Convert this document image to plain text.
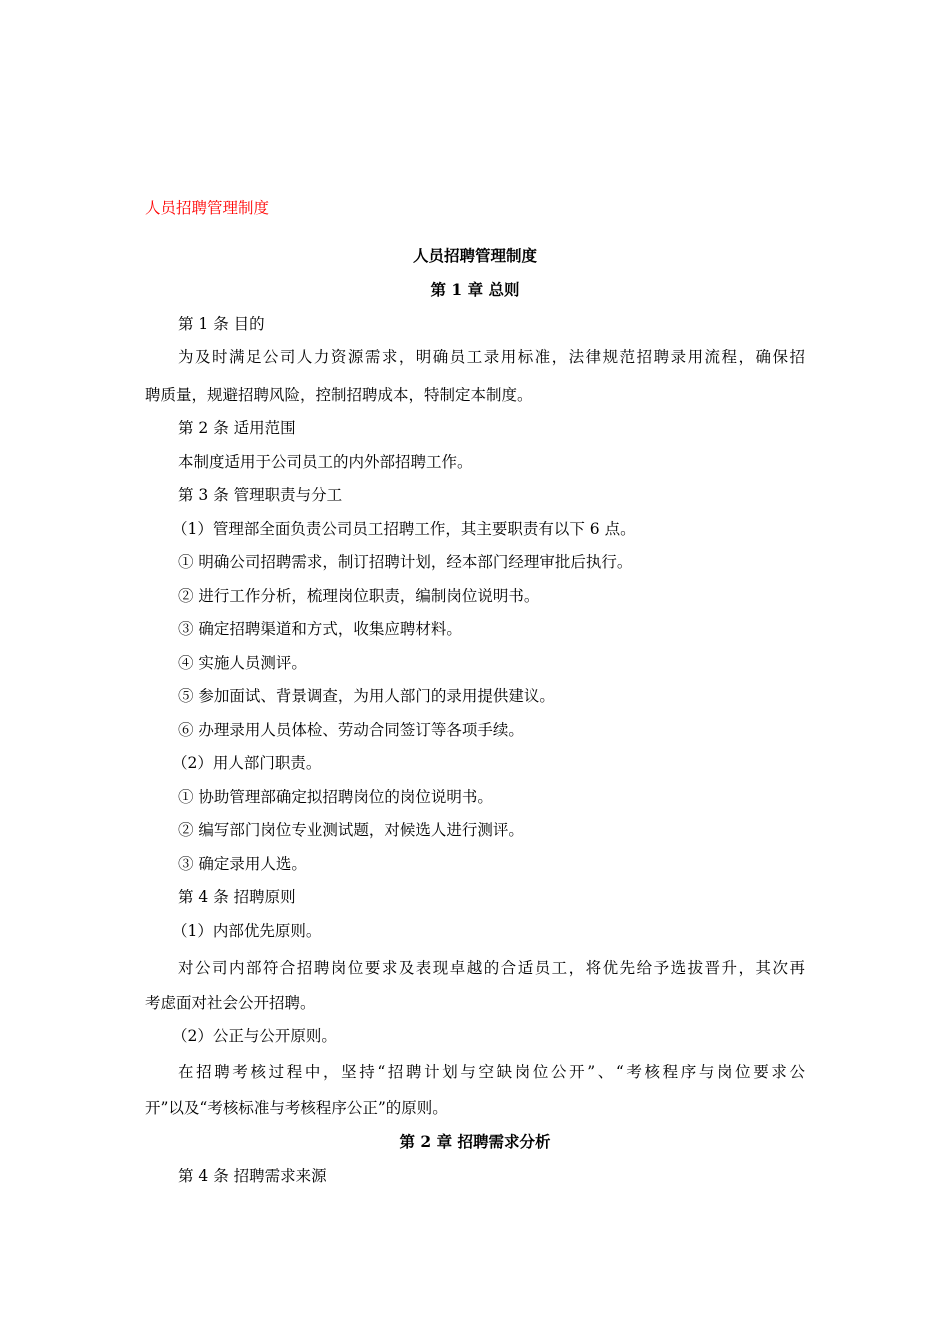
人员招聘管理制度
人员招聘管理制度
第 1 章 总则
第 1 条 目的
为及时满足公司人力资源需求，明确员工录用标准，法律规范招聘录用流程，确保招
聘质量，规避招聘风险，控制招聘成本，特制定本制度。
第 2 条 适用范围
本制度适用于公司员工的内外部招聘工作。
第 3 条 管理职责与分工
（1）管理部全面负责公司员工招聘工作，其主要职责有以下 6 点。
① 明确公司招聘需求，制订招聘计划，经本部门经理审批后执行。
② 进行工作分析，梳理岗位职责，编制岗位说明书。
③ 确定招聘渠道和方式，收集应聘材料。
④ 实施人员测评。
⑤ 参加面试、背景调查，为用人部门的录用提供建议。
⑥ 办理录用人员体检、劳动合同签订等各项手续。
（2）用人部门职责。
① 协助管理部确定拟招聘岗位的岗位说明书。
② 编写部门岗位专业测试题，对候选人进行测评。
③ 确定录用人选。
第 4 条 招聘原则
（1）内部优先原则。
对公司内部符合招聘岗位要求及表现卓越的合适员工，将优先给予选拔晋升，其次再
考虑面对社会公开招聘。
（2）公正与公开原则。
在招聘考核过程中，坚持“招聘计划与空缺岗位公开”、“考核程序与岗位要求公
开”以及“考核标准与考核程序公正”的原则。
第 2 章 招聘需求分析
第 4 条 招聘需求来源
